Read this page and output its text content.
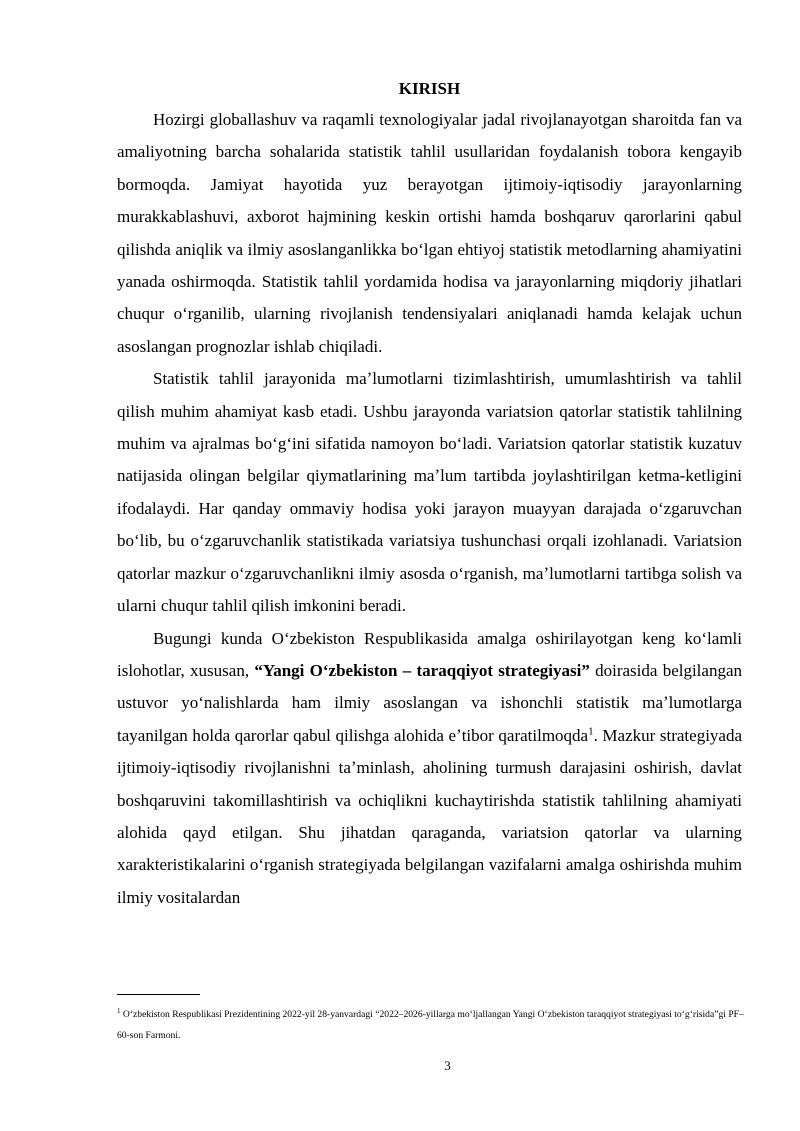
KIRISH

Hozirgi globallashuv va raqamli texnologiyalar jadal rivojlanayotgan sharoitda fan va amaliyotning barcha sohalarida statistik tahlil usullaridan foydalanish tobora kengayib bormoqda. Jamiyat hayotida yuz berayotgan ijtimoiy-iqtisodiy jarayonlarning murakkablashuvi, axborot hajmining keskin ortishi hamda boshqaruv qarorlarini qabul qilishda aniqlik va ilmiy asoslanganlikka boʻlgan ehtiyoj statistik metodlarning ahamiyatini yanada oshirmoqda. Statistik tahlil yordamida hodisa va jarayonlarning miqdoriy jihatlari chuqur oʻrganilib, ularning rivojlanish tendensiyalari aniqlanadi hamda kelajak uchun asoslangan prognozlar ishlab chiqiladi.

Statistik tahlil jarayonida maʼlumotlarni tizimlashtirish, umumlashtirish va tahlil qilish muhim ahamiyat kasb etadi. Ushbu jarayonda variatsion qatorlar statistik tahlilning muhim va ajralmas boʻgʻini sifatida namoyon boʻladi. Variatsion qatorlar statistik kuzatuv natijasida olingan belgilar qiymatlarining maʼlum tartibda joylashtirilgan ketma-ketligini ifodalaydi. Har qanday ommaviy hodisa yoki jarayon muayyan darajada oʻzgaruvchan boʻlib, bu oʻzgaruvchanlik statistikada variatsiya tushunchasi orqali izohlanadi. Variatsion qatorlar mazkur oʻzgaruvchanlikni ilmiy asosda oʻrganish, maʼlumotlarni tartibga solish va ularni chuqur tahlil qilish imkonini beradi.

Bugungi kunda Oʻzbekiston Respublikasida amalga oshirilayotgan keng koʻlamli islohotlar, xususan, “Yangi Oʻzbekiston – taraqqiyot strategiyasi” doirasida belgilangan ustuvor yoʻnalishlarda ham ilmiy asoslangan va ishonchli statistik maʼlumotlarga tayanilgan holda qarorlar qabul qilishga alohida eʼtibor qaratilmoqda$^1$. Mazkur strategiyada ijtimoiy-iqtisodiy rivojlanishni taʼminlash, aholining turmush darajasini oshirish, davlat boshqaruvini takomillashtirish va ochiqlikni kuchaytirishda statistik tahlilning ahamiyati alohida qayd etilgan. Shu jihatdan qaraganda, variatsion qatorlar va ularning xarakteristikalarini oʻrganish strategiyada belgilangan vazifalarni amalga oshirishda muhim ilmiy vositalardan

$^1$ Oʻzbekiston Respublikasi Prezidentining 2022-yil 28-yanvardagi “2022–2026-yillarga moʻljallangan Yangi Oʻzbekiston taraqqiyot strategiyasi toʻgʻrisida”gi PF–60-son Farmoni.

3
